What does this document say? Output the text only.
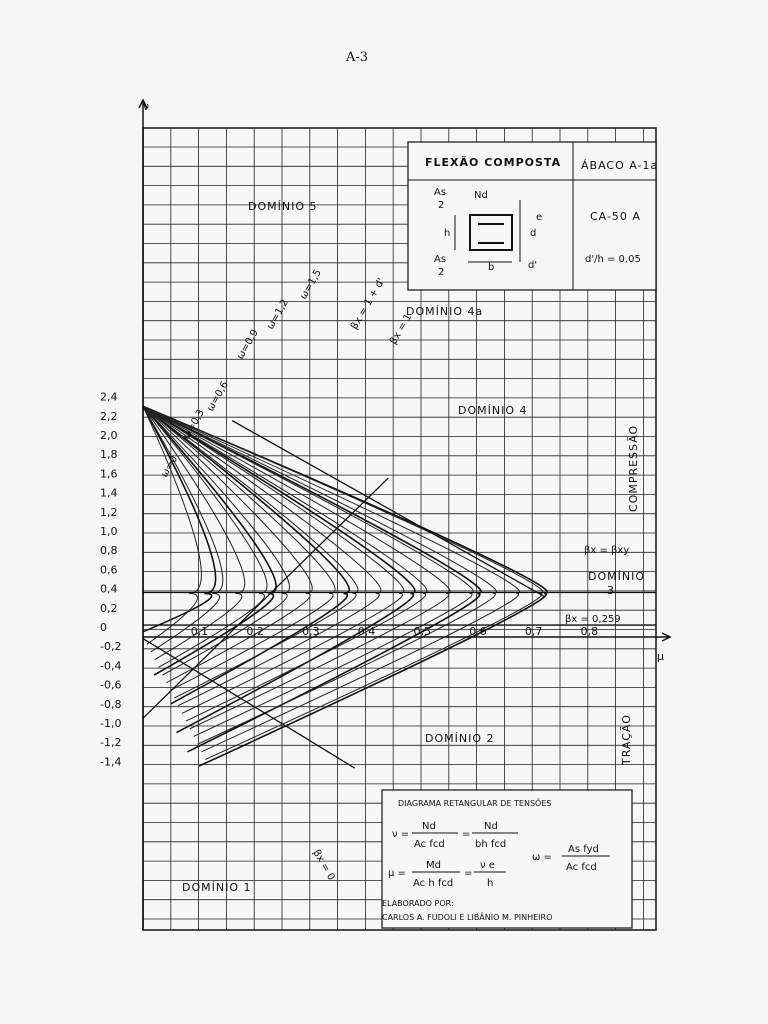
A-3
2,4
2,2
2,0
1,8
1,6
1,4
1,2
1,0
0,8
0,6
0,4
0,2
0
-0,2
-0,4
-0,6
-0,8
-1,0
-1,2
-1,4
0,1	0,2	0,3	0,4	0,5	0,6	0,7	0,8
FLEXÃO COMPOSTA ÁBACO A-1a
CA-50 A
d'/h = 0,05
As
2
Nd
h
e
d
As
2	b	d'
DOMÍNIO 5
DOMÍNIO 4a
DOMÍNIO 4
DOMÍNIO
3
DOMÍNIO 2
DOMÍNIO 1
COMPRESSÃO
TRAÇÃO
βx = 1 + d' βx = 1
βx = βxy
βx = 0,259
βx = 0
ω=0
ω=0,3
ω=0,6
ω=0,9
ω=1,2
ω=1,5
μ
ν
DIAGRAMA RETANGULAR DE TENSÕES
ν =
Nd
Ac fcd
=
Nd
bh fcd
μ =
Md
Ac h fcd
=
ν e
h
ω =
As fyd
Ac fcd
ELABORADO POR:
CARLOS A. FUDOLI E LIBÂNIO M. PINHEIRO
